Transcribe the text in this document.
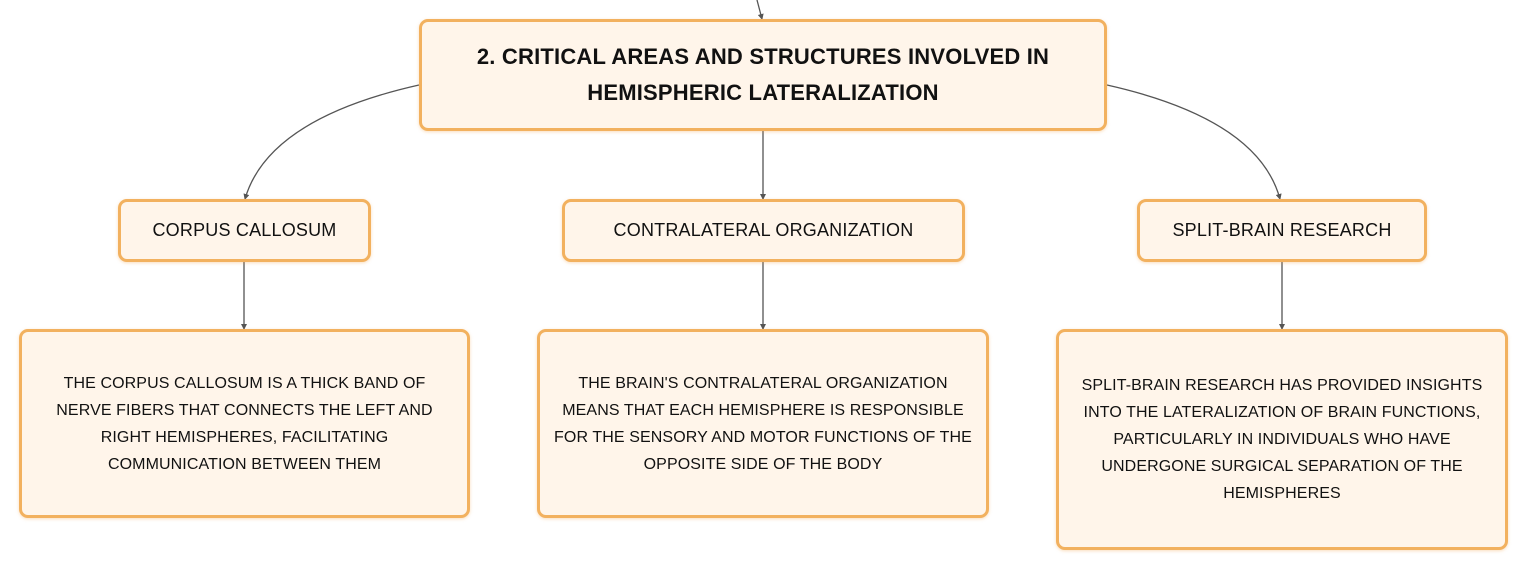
2. CRITICAL AREAS AND STRUCTURES INVOLVED IN HEMISPHERIC LATERALIZATION
CORPUS CALLOSUM	CONTRALATERAL ORGANIZATION	SPLIT-BRAIN RESEARCH
THE CORPUS CALLOSUM IS A THICK BAND OF NERVE FIBERS THAT CONNECTS THE LEFT AND RIGHT HEMISPHERES, FACILITATING COMMUNICATION BETWEEN THEM
THE BRAIN'S CONTRALATERAL ORGANIZATION MEANS THAT EACH HEMISPHERE IS RESPONSIBLE FOR THE SENSORY AND MOTOR FUNCTIONS OF THE OPPOSITE SIDE OF THE BODY
SPLIT-BRAIN RESEARCH HAS PROVIDED INSIGHTS INTO THE LATERALIZATION OF BRAIN FUNCTIONS, PARTICULARLY IN INDIVIDUALS WHO HAVE UNDERGONE SURGICAL SEPARATION OF THE HEMISPHERES
